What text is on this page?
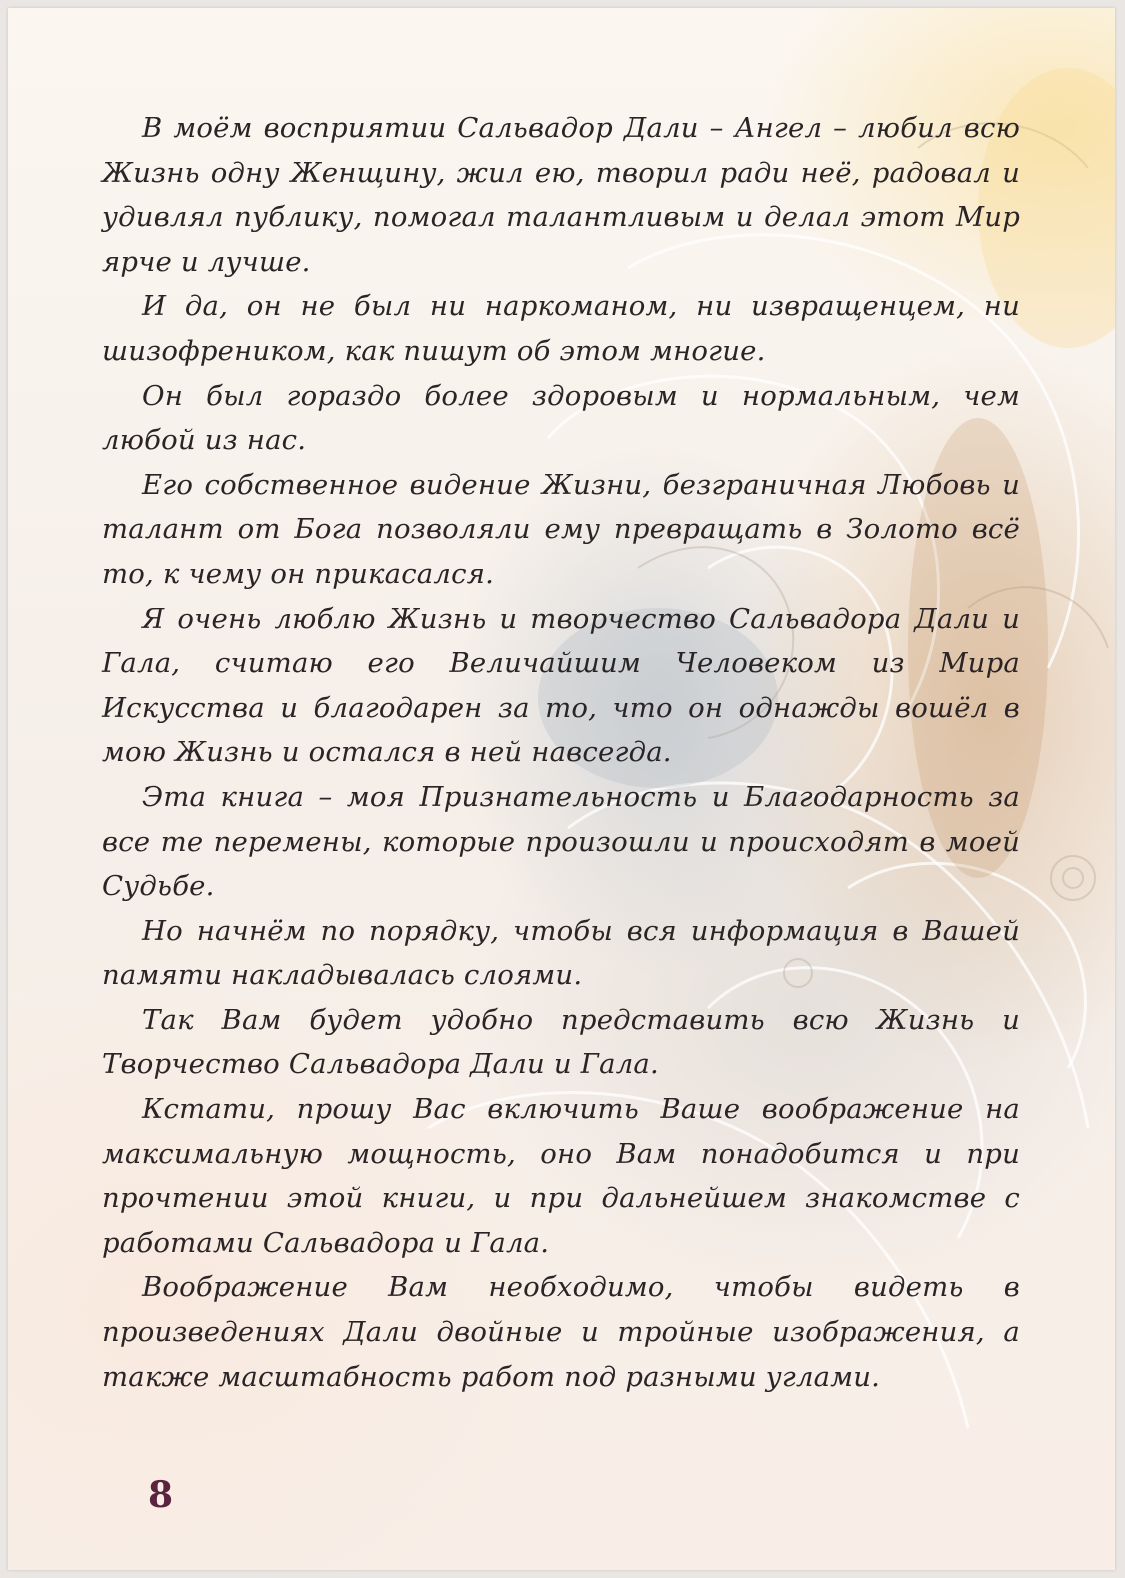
В моём восприятии Сальвадор Дали – Ангел – любил всю Жизнь одну Женщину, жил ею, творил ради неё, радовал и удивлял публику, помогал талантливым и делал этот Мир ярче и лучше.

И да, он не был ни наркоманом, ни извращенцем, ни шизофреником, как пишут об этом многие.

Он был гораздо более здоровым и нормальным, чем любой из нас.

Его собственное видение Жизни, безграничная Любовь и талант от Бога позволяли ему превращать в Золото всё то, к чему он прикасался.

Я очень люблю Жизнь и творчество Сальвадора Дали и Гала, считаю его Величайшим Человеком из Мира Искусства и благодарен за то, что он однажды вошёл в мою Жизнь и остался в ней навсегда.

Эта книга – моя Признательность и Благодарность за все те перемены, которые произошли и происходят в моей Судьбе.

Но начнём по порядку, чтобы вся информация в Вашей памяти накладывалась слоями.

Так Вам будет удобно представить всю Жизнь и Творчество Сальвадора Дали и Гала.

Кстати, прошу Вас включить Ваше воображение на максимальную мощность, оно Вам понадобится и при прочтении этой книги, и при дальнейшем знакомстве с работами Сальвадора и Гала.

Воображение Вам необходимо, чтобы видеть в произведениях Дали двойные и тройные изображения, а также масштабность работ под разными углами.

8
